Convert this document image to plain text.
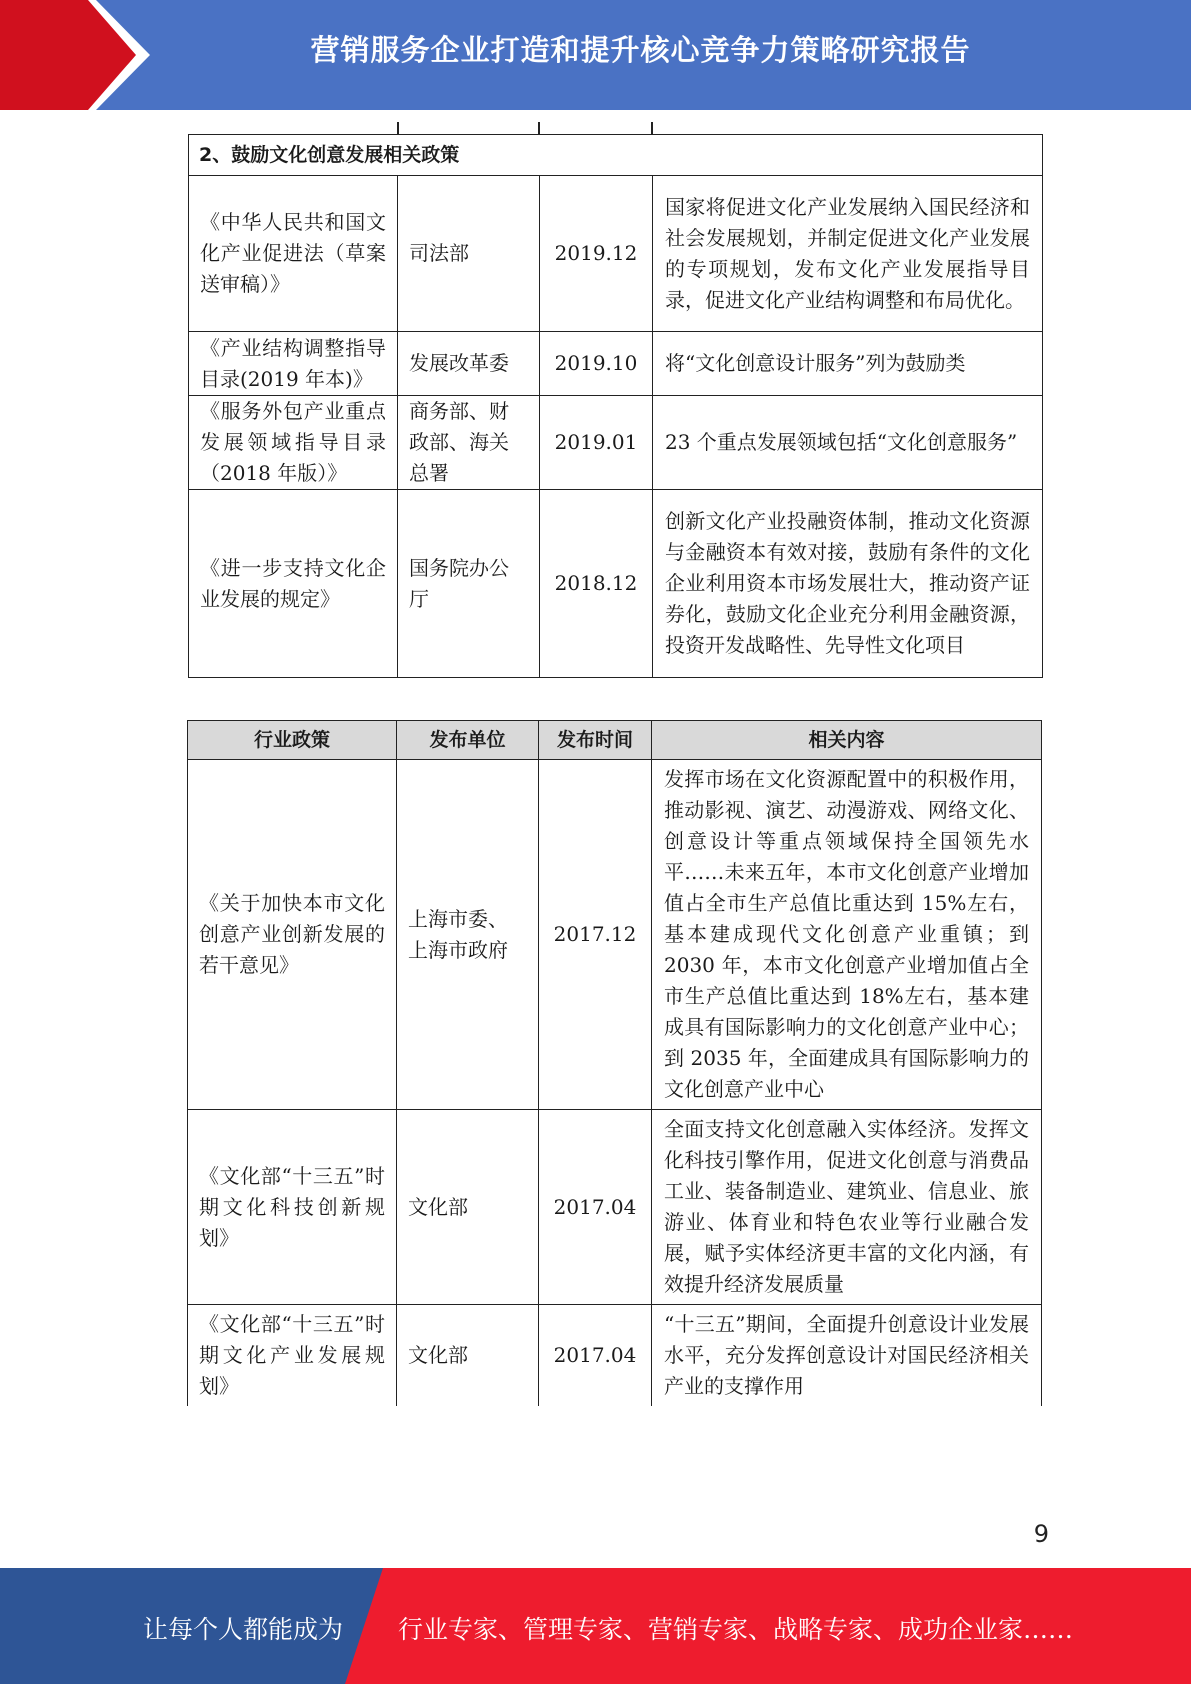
营销服务企业打造和提升核心竞争力策略研究报告
2、鼓励文化创意发展相关政策			
《中华人民共和国文化产业促进法（草案送审稿）》	司法部	2019.12	国家将促进文化产业发展纳入国民经济和社会发展规划，并制定促进文化产业发展的专项规划，发布文化产业发展指导目录，促进文化产业结构调整和布局优化。
《产业结构调整指导目录(2019 年本)》	发展改革委	2019.10	将“文化创意设计服务”列为鼓励类
《服务外包产业重点发展领域指导目录（2018 年版）》	商务部、财政部、海关总署	2019.01	23 个重点发展领域包括“文化创意服务”
《进一步支持文化企业发展的规定》	国务院办公厅	2018.12	创新文化产业投融资体制，推动文化资源与金融资本有效对接，鼓励有条件的文化企业利用资本市场发展壮大，推动资产证券化，鼓励文化企业充分利用金融资源，投资开发战略性、先导性文化项目
行业政策	发布单位	发布时间	相关内容
《关于加快本市文化创意产业创新发展的若干意见》	上海市委、上海市政府	2017.12	发挥市场在文化资源配置中的积极作用，推动影视、演艺、动漫游戏、网络文化、创意设计等重点领域保持全国领先水平……未来五年，本市文化创意产业增加值占全市生产总值比重达到 15%左右，基本建成现代文化创意产业重镇；到 2030 年，本市文化创意产业增加值占全市生产总值比重达到 18%左右，基本建成具有国际影响力的文化创意产业中心；到 2035 年，全面建成具有国际影响力的文化创意产业中心
《文化部“十三五”时期文化科技创新规划》	文化部	2017.04	全面支持文化创意融入实体经济。发挥文化科技引擎作用，促进文化创意与消费品工业、装备制造业、建筑业、信息业、旅游业、体育业和特色农业等行业融合发展，赋予实体经济更丰富的文化内涵，有效提升经济发展质量
《文化部“十三五”时期文化产业发展规划》	文化部	2017.04	“十三五”期间，全面提升创意设计业发展水平，充分发挥创意设计对国民经济相关产业的支撑作用
9
让每个人都能成为 行业专家、管理专家、营销专家、战略专家、成功企业家……
